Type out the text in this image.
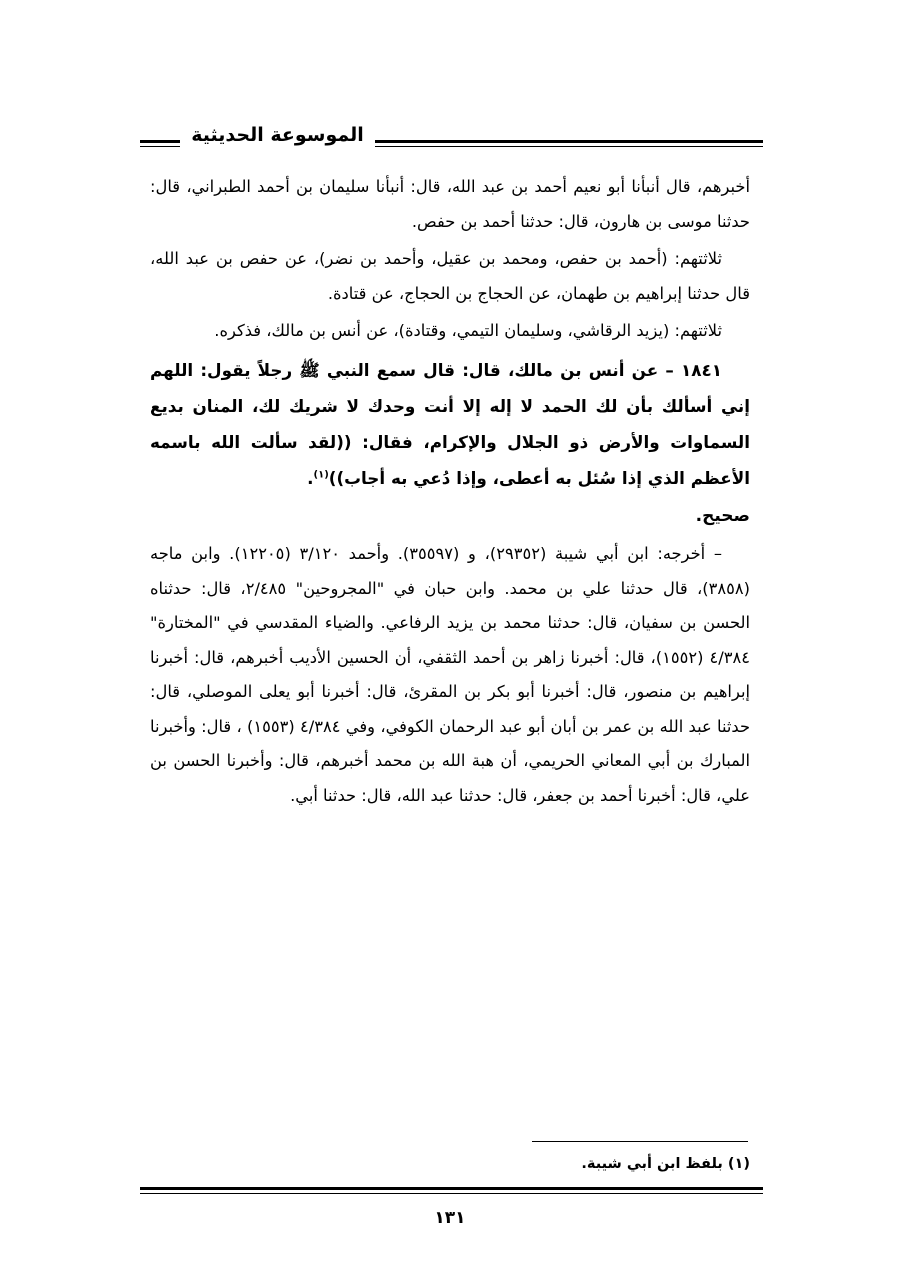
الموسوعة الحديثية

أخبرهم، قال أنبأنا أبو نعيم أحمد بن عبد الله، قال: أنبأنا سليمان بن أحمد الطبراني، قال: حدثنا موسى بن هارون، قال: حدثنا أحمد بن حفص.

ثلاثتهم: (أحمد بن حفص، ومحمد بن عقيل، وأحمد بن نضر)، عن حفص بن عبد الله، قال حدثنا إبراهيم بن طهمان، عن الحجاج بن الحجاج، عن قتادة.

ثلاثتهم: (يزيد الرقاشي، وسليمان التيمي، وقتادة)، عن أنس بن مالك، فذكره.

١٨٤١ – عن أنس بن مالك، قال: قال سمع النبي ﷺ رجلاً يقول: اللهم إني أسألك بأن لك الحمد لا إله إلا أنت وحدك لا شريك لك، المنان بديع السماوات والأرض ذو الجلال والإكرام، فقال: ((لقد سألت الله باسمه الأعظم الذي إذا سُئل به أعطى، وإذا دُعي به أجاب))$^{(١)}$.

صحيح.

– أخرجه: ابن أبي شيبة (٢٩٣٥٢)، و (٣٥٥٩٧). وأحمد ٣/١٢٠ (١٢٢٠٥). وابن ماجه (٣٨٥٨)، قال حدثنا علي بن محمد. وابن حبان في "المجروحين" ٢/٤٨٥، قال: حدثناه الحسن بن سفيان، قال: حدثنا محمد بن يزيد الرفاعي. والضياء المقدسي في "المختارة" ٤/٣٨٤ (١٥٥٢)، قال: أخبرنا زاهر بن أحمد الثقفي، أن الحسين الأديب أخبرهم، قال: أخبرنا إبراهيم بن منصور، قال: أخبرنا أبو بكر بن المقرئ، قال: أخبرنا أبو يعلى الموصلي، قال: حدثنا عبد الله بن عمر بن أبان أبو عبد الرحمان الكوفي، وفي ٤/٣٨٤ (١٥٥٣) ، قال: وأخبرنا المبارك بن أبي المعاني الحريمي، أن هبة الله بن محمد أخبرهم، قال: وأخبرنا الحسن بن علي، قال: أخبرنا أحمد بن جعفر، قال: حدثنا عبد الله، قال: حدثنا أبي.

(١) بلفظ ابن أبي شيبة.
١٣١
